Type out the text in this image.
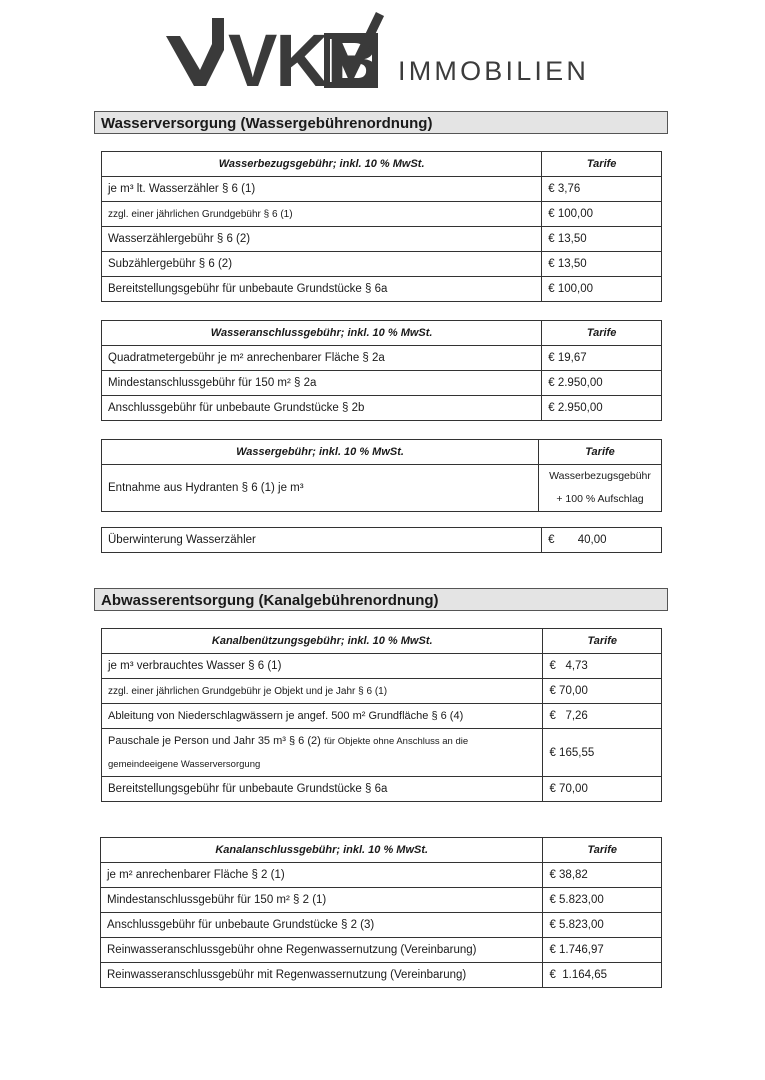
VKB IMMOBILIEN
Wasserversorgung (Wassergebührenordnung)
Wasserbezugsgebühr; inkl. 10 % MwSt.	Tarife
je m³ lt. Wasserzähler § 6 (1)	€ 3,76
zzgl. einer jährlichen Grundgebühr § 6 (1)	€ 100,00
Wasserzählergebühr § 6 (2)	€ 13,50
Subzählergebühr § 6 (2)	€ 13,50
Bereitstellungsgebühr für unbebaute Grundstücke § 6a	€ 100,00
Wasseranschlussgebühr; inkl. 10 % MwSt.	Tarife
Quadratmetergebühr je m² anrechenbarer Fläche § 2a	€ 19,67
Mindestanschlussgebühr für 150 m² § 2a	€ 2.950,00
Anschlussgebühr für unbebaute Grundstücke § 2b	€ 2.950,00
Wassergebühr; inkl. 10 % MwSt.	Tarife
Entnahme aus Hydranten § 6 (1) je m³	Wasserbezugsgebühr
+ 100 % Aufschlag
Überwinterung Wasserzähler	€ 40,00
Abwasserentsorgung (Kanalgebührenordnung)
Kanalbenützungsgebühr; inkl. 10 % MwSt.	Tarife
je m³ verbrauchtes Wasser § 6 (1)	€   4,73
zzgl. einer jährlichen Grundgebühr je Objekt und je Jahr § 6 (1)	€ 70,00
Ableitung von Niederschlagwässern je angef. 500 m² Grundfläche § 6 (4)	€   7,26

Pauschale je Person und Jahr 35 m³ § 6 (2) für Objekte ohne Anschluss an die
gemeindeeigene Wasserversorgung	€ 165,55
Bereitstellungsgebühr für unbebaute Grundstücke § 6a	€ 70,00
Kanalanschlussgebühr; inkl. 10 % MwSt.	Tarife
je m² anrechenbarer Fläche § 2 (1)	€ 38,82
Mindestanschlussgebühr für 150 m² § 2 (1)	€ 5.823,00
Anschlussgebühr für unbebaute Grundstücke § 2 (3)	€ 5.823,00
Reinwasseranschlussgebühr ohne Regenwassernutzung (Vereinbarung)	€ 1.746,97
Reinwasseranschlussgebühr mit Regenwassernutzung (Vereinbarung)	€  1.164,65
